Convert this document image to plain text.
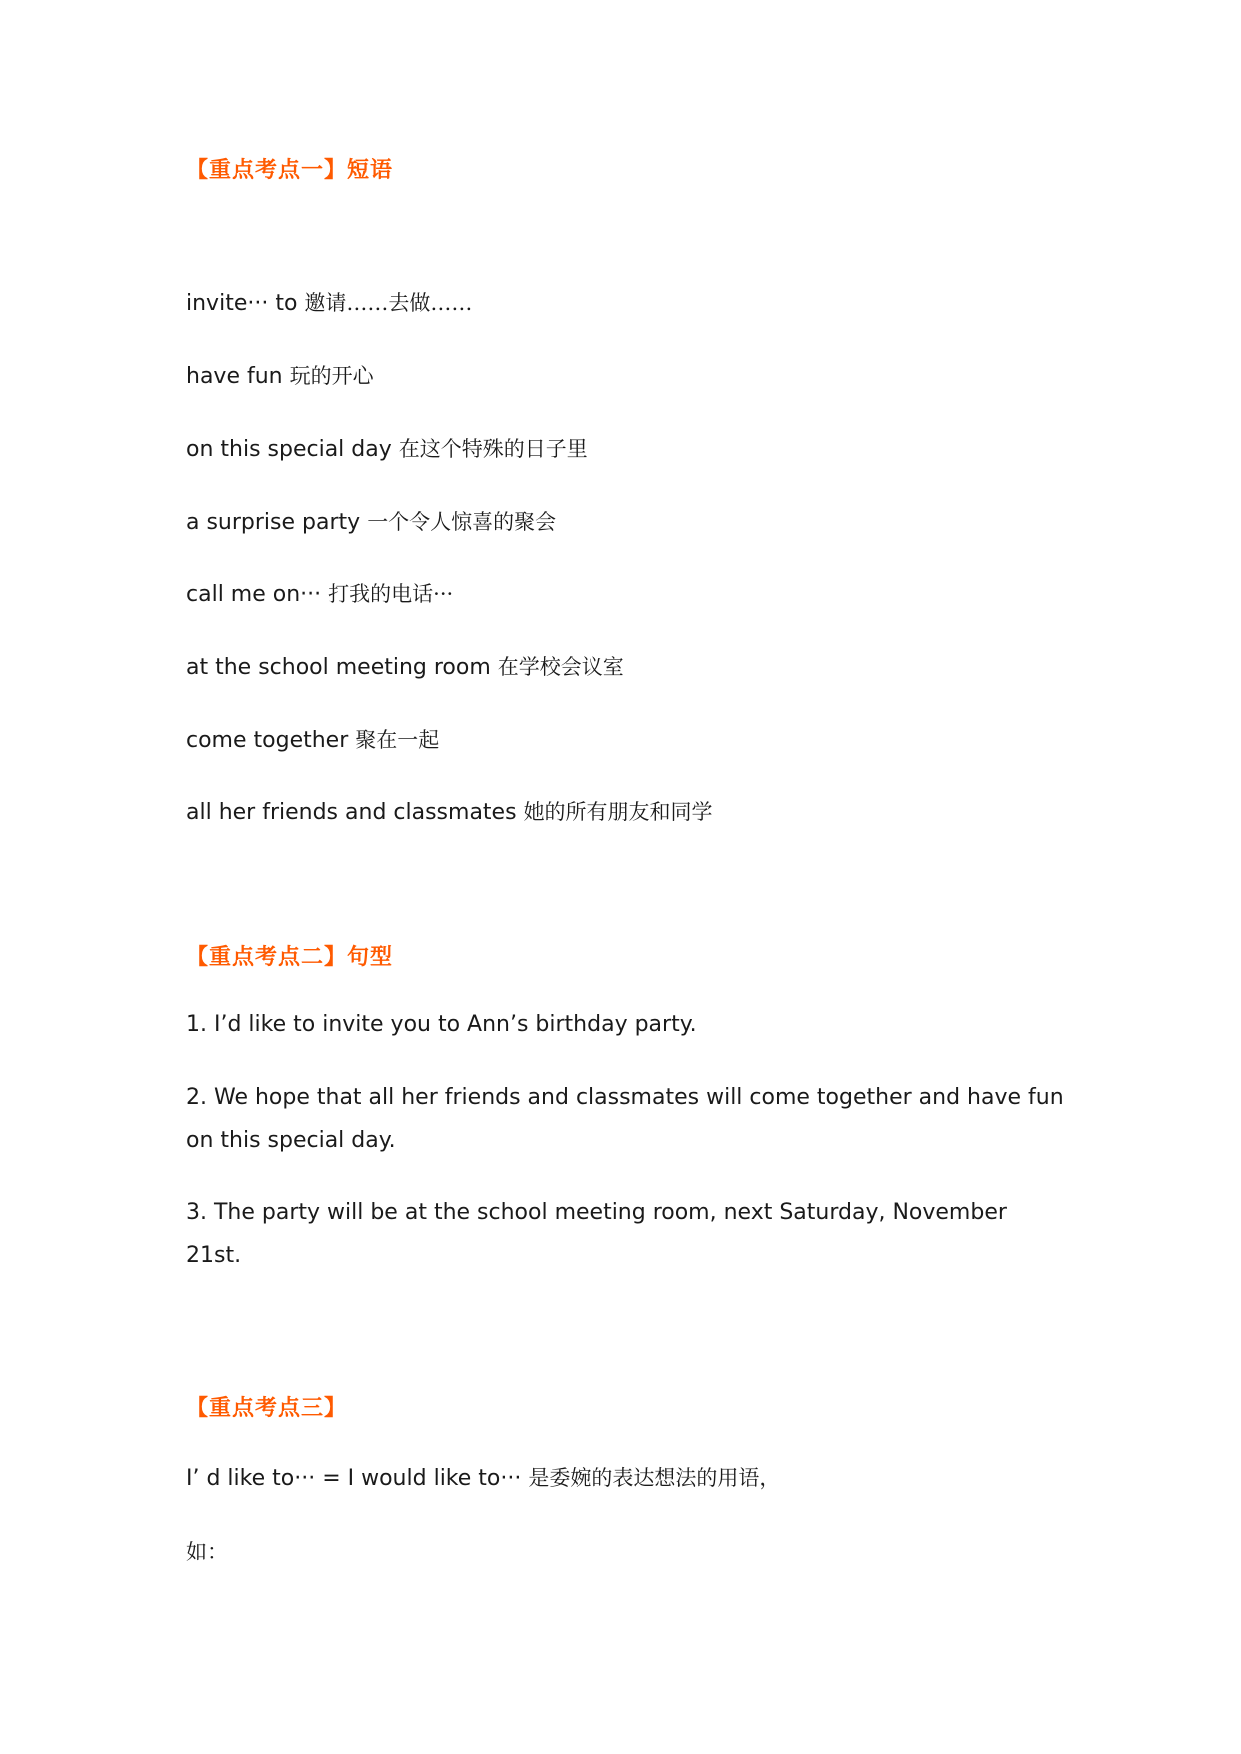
【重点考点一】短语
invite··· to 邀请……去做……
have fun 玩的开心
on this special day 在这个特殊的日子里
a surprise party 一个令人惊喜的聚会
call me on··· 打我的电话···
at the school meeting room 在学校会议室
come together 聚在一起
all her friends and classmates 她的所有朋友和同学
【重点考点二】句型
1. I’d like to invite you to Ann’s birthday party.
2. We hope that all her friends and classmates will come together and have fun on this special day.
3. The party will be at the school meeting room, next Saturday, November 21st.
【重点考点三】
I’ d like to··· = I would like to··· 是委婉的表达想法的用语，
如：
